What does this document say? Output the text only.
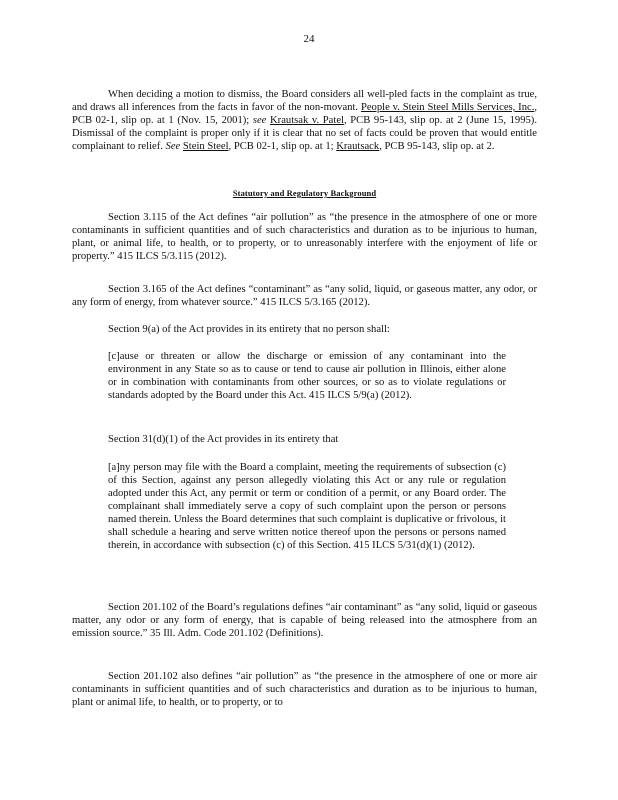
24

When deciding a motion to dismiss, the Board considers all well-pled facts in the complaint as true, and draws all inferences from the facts in favor of the non-movant. People v. Stein Steel Mills Services, Inc., PCB 02-1, slip op. at 1 (Nov. 15, 2001); see Krautsak v. Patel, PCB 95-143, slip op. at 2 (June 15, 1995). Dismissal of the complaint is proper only if it is clear that no set of facts could be proven that would entitle complainant to relief. See Stein Steel, PCB 02-1, slip op. at 1; Krautsack, PCB 95-143, slip op. at 2.

Statutory and Regulatory Background

Section 3.115 of the Act defines “air pollution” as “the presence in the atmosphere of one or more contaminants in sufficient quantities and of such characteristics and duration as to be injurious to human, plant, or animal life, to health, or to property, or to unreasonably interfere with the enjoyment of life or property.” 415 ILCS 5/3.115 (2012).

Section 3.165 of the Act defines “contaminant” as “any solid, liquid, or gaseous matter, any odor, or any form of energy, from whatever source.” 415 ILCS 5/3.165 (2012).

Section 9(a) of the Act provides in its entirety that no person shall:

[c]ause or threaten or allow the discharge or emission of any contaminant into the environment in any State so as to cause or tend to cause air pollution in Illinois, either alone or in combination with contaminants from other sources, or so as to violate regulations or standards adopted by the Board under this Act. 415 ILCS 5/9(a) (2012).

Section 31(d)(1) of the Act provides in its entirety that

[a]ny person may file with the Board a complaint, meeting the requirements of subsection (c) of this Section, against any person allegedly violating this Act or any rule or regulation adopted under this Act, any permit or term or condition of a permit, or any Board order. The complainant shall immediately serve a copy of such complaint upon the person or persons named therein. Unless the Board determines that such complaint is duplicative or frivolous, it shall schedule a hearing and serve written notice thereof upon the persons or persons named therein, in accordance with subsection (c) of this Section. 415 ILCS 5/31(d)(1) (2012).

Section 201.102 of the Board’s regulations defines “air contaminant” as “any solid, liquid or gaseous matter, any odor or any form of energy, that is capable of being released into the atmosphere from an emission source.” 35 Ill. Adm. Code 201.102 (Definitions).

Section 201.102 also defines “air pollution” as “the presence in the atmosphere of one or more air contaminants in sufficient quantities and of such characteristics and duration as to be injurious to human, plant or animal life, to health, or to property, or to
